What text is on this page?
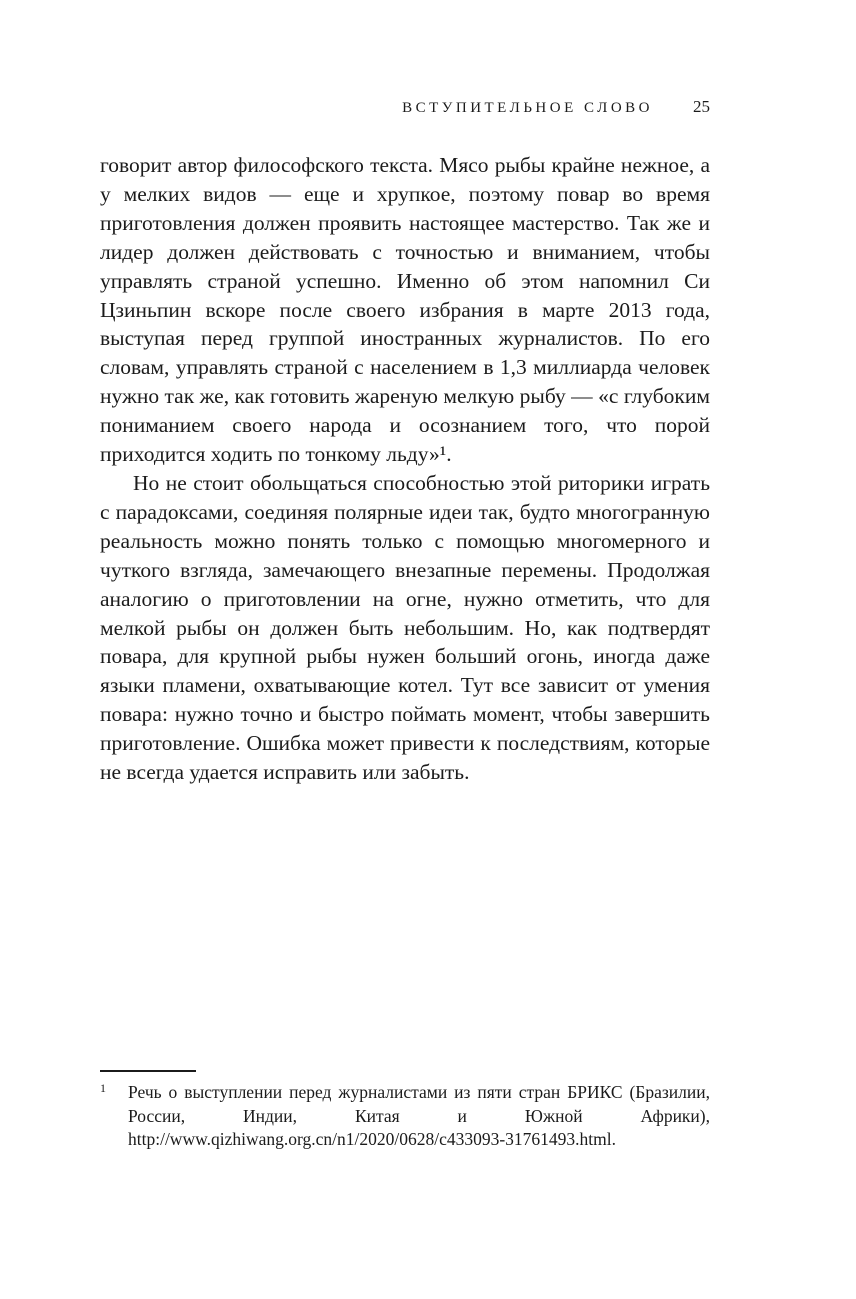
ВСТУПИТЕЛЬНОЕ СЛОВО 25

говорит автор философского текста. Мясо рыбы крайне нежное, а у мелких видов — еще и хрупкое, поэтому повар во время приготовления должен проявить настоящее мастерство. Так же и лидер должен действовать с точностью и вниманием, чтобы управлять страной успешно. Именно об этом напомнил Си Цзиньпин вскоре после своего избрания в марте 2013 года, выступая перед группой иностранных журналистов. По его словам, управлять страной с населением в 1,3 миллиарда человек нужно так же, как готовить жареную мелкую рыбу — «с глубоким пониманием своего народа и осознанием того, что порой приходится ходить по тонкому льду»¹.

Но не стоит обольщаться способностью этой риторики играть с парадоксами, соединяя полярные идеи так, будто многогранную реальность можно понять только с помощью многомерного и чуткого взгляда, замечающего внезапные перемены. Продолжая аналогию о приготовлении на огне, нужно отметить, что для мелкой рыбы он должен быть небольшим. Но, как подтвердят повара, для крупной рыбы нужен больший огонь, иногда даже языки пламени, охватывающие котел. Тут все зависит от умения повара: нужно точно и быстро поймать момент, чтобы завершить приготовление. Ошибка может привести к последствиям, которые не всегда удается исправить или забыть.

1	Речь о выступлении перед журналистами из пяти стран БРИКС (Бразилии, России, Индии, Китая и Южной Африки), http://www.qizhiwang.org.cn/n1/2020/0628/c433093-31761493.html.
